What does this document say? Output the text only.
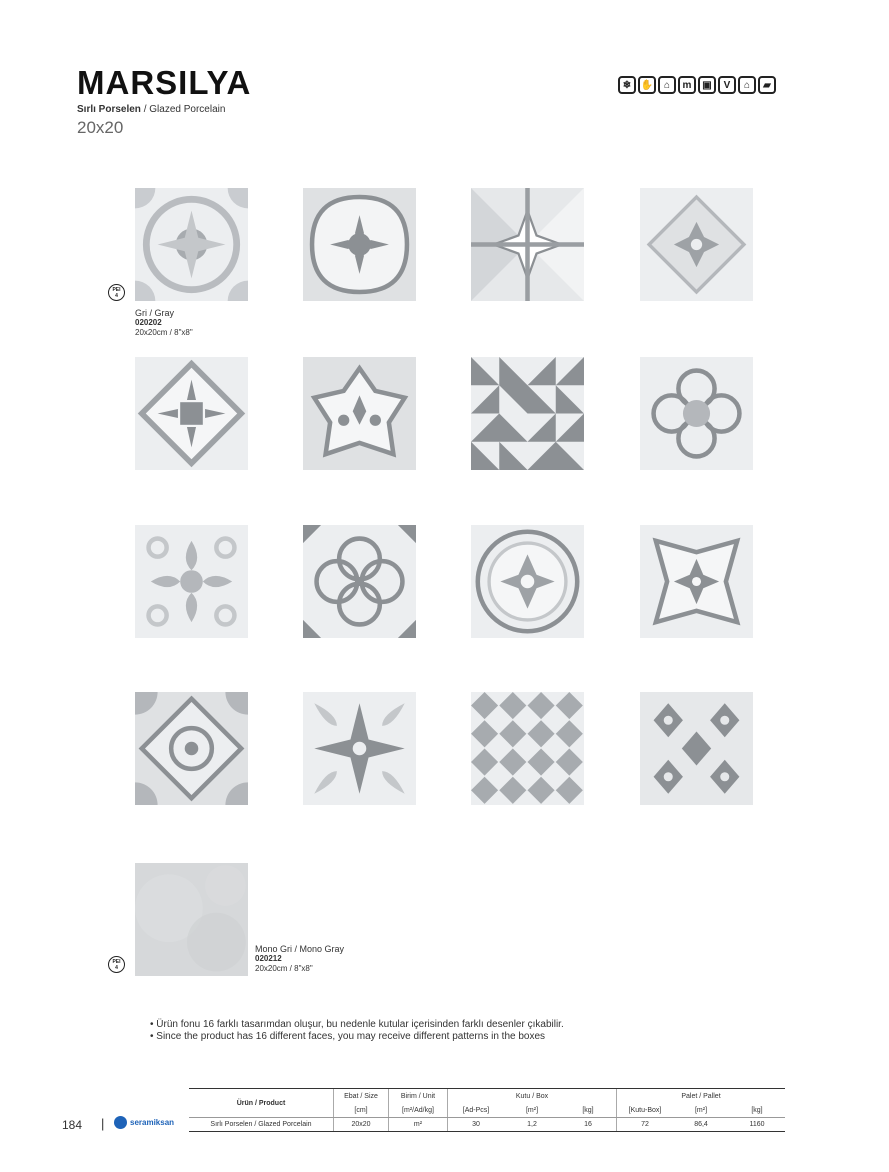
MARSILYA
Sırlı Porselen / Glazed Porcelain
20x20
❄ ✋	⌂	m	▣	V	⌂	▰
PEI
4
Gri / Gray
020202
20x20cm / 8"x8"
PEI
4
Mono Gri / Mono Gray
020212
20x20cm / 8"x8"
• Ürün fonu 16 farklı tasarımdan oluşur, bu nedenle kutular içerisinden farklı desenler çıkabilir.
• Since the product has 16 different faces, you may receive different patterns in the boxes
Ürün / Product	Ebat / Size	Birim / Unit	Kutu / Box			Palet / Pallet		
	[cm]	[m²/Ad/kg]	[Ad-Pcs]	[m²]	[kg]	[Kutu-Box]	[m²]	[kg]
Sırlı Porselen / Glazed Porcelain	20x20	m²	30	1,2	16	72	86,4	1160
184 |	seramiksan
